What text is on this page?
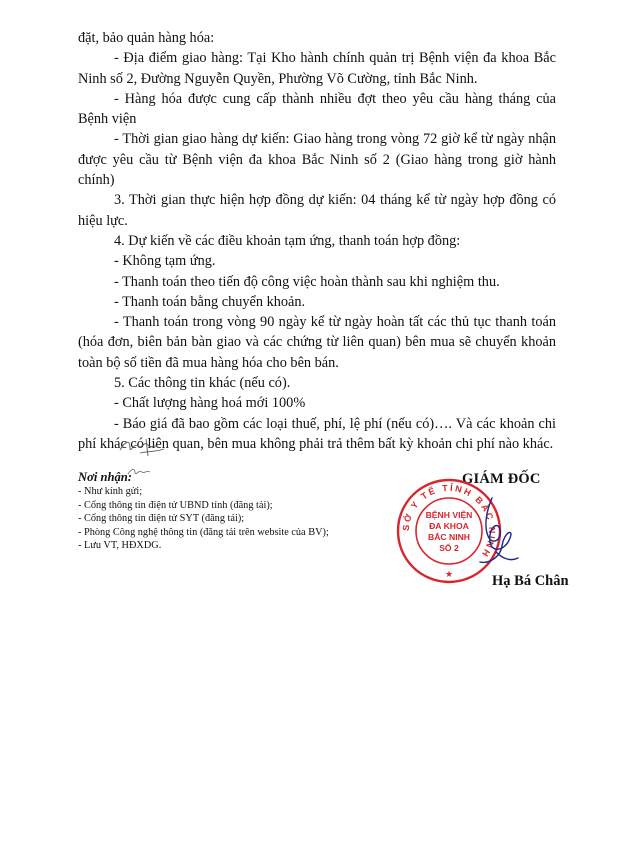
đặt, bảo quản hàng hóa:

- Địa điểm giao hàng: Tại Kho hành chính quản trị Bệnh viện đa khoa Bắc Ninh số 2, Đường Nguyễn Quyền, Phường Võ Cường, tỉnh Bắc Ninh.

- Hàng hóa được cung cấp thành nhiều đợt theo yêu cầu hàng tháng của Bệnh viện

- Thời gian giao hàng dự kiến: Giao hàng trong vòng 72 giờ kể từ ngày nhận được yêu cầu từ Bệnh viện đa khoa Bắc Ninh số 2 (Giao hàng trong giờ hành chính)

3. Thời gian thực hiện hợp đồng dự kiến: 04 tháng kể từ ngày hợp đồng có hiệu lực.

4. Dự kiến về các điều khoản tạm ứng, thanh toán hợp đồng:

- Không tạm ứng.

- Thanh toán theo tiến độ công việc hoàn thành sau khi nghiệm thu.

- Thanh toán bằng chuyển khoản.

- Thanh toán trong vòng 90 ngày kể từ ngày hoàn tất các thủ tục thanh toán (hóa đơn, biên bản bàn giao và các chứng từ liên quan) bên mua sẽ chuyển khoản toàn bộ số tiền đã mua hàng hóa cho bên bán.

5. Các thông tin khác (nếu có).

- Chất lượng hàng hoá mới 100%

- Báo giá đã bao gồm các loại thuế, phí, lệ phí (nếu có)…. Và các khoản chi phí khác có liên quan, bên mua không phải trả thêm bất kỳ khoản chi phí nào khác.

Nơi nhận:

- Như kính gửi;

- Cổng thông tin điện tử UBND tỉnh (đăng tải);

- Cổng thông tin điện tử SYT (đăng tải);

- Phòng Công nghệ thông tin (đăng tải trên website của BV);

- Lưu VT, HĐXDG.

GIÁM ĐỐC
SỞ Y TẾ TỈNH BẮC NINH
★
BỆNH VIỆN
ĐA KHOA
BẮC NINH
SỐ 2
Hạ Bá Chân
